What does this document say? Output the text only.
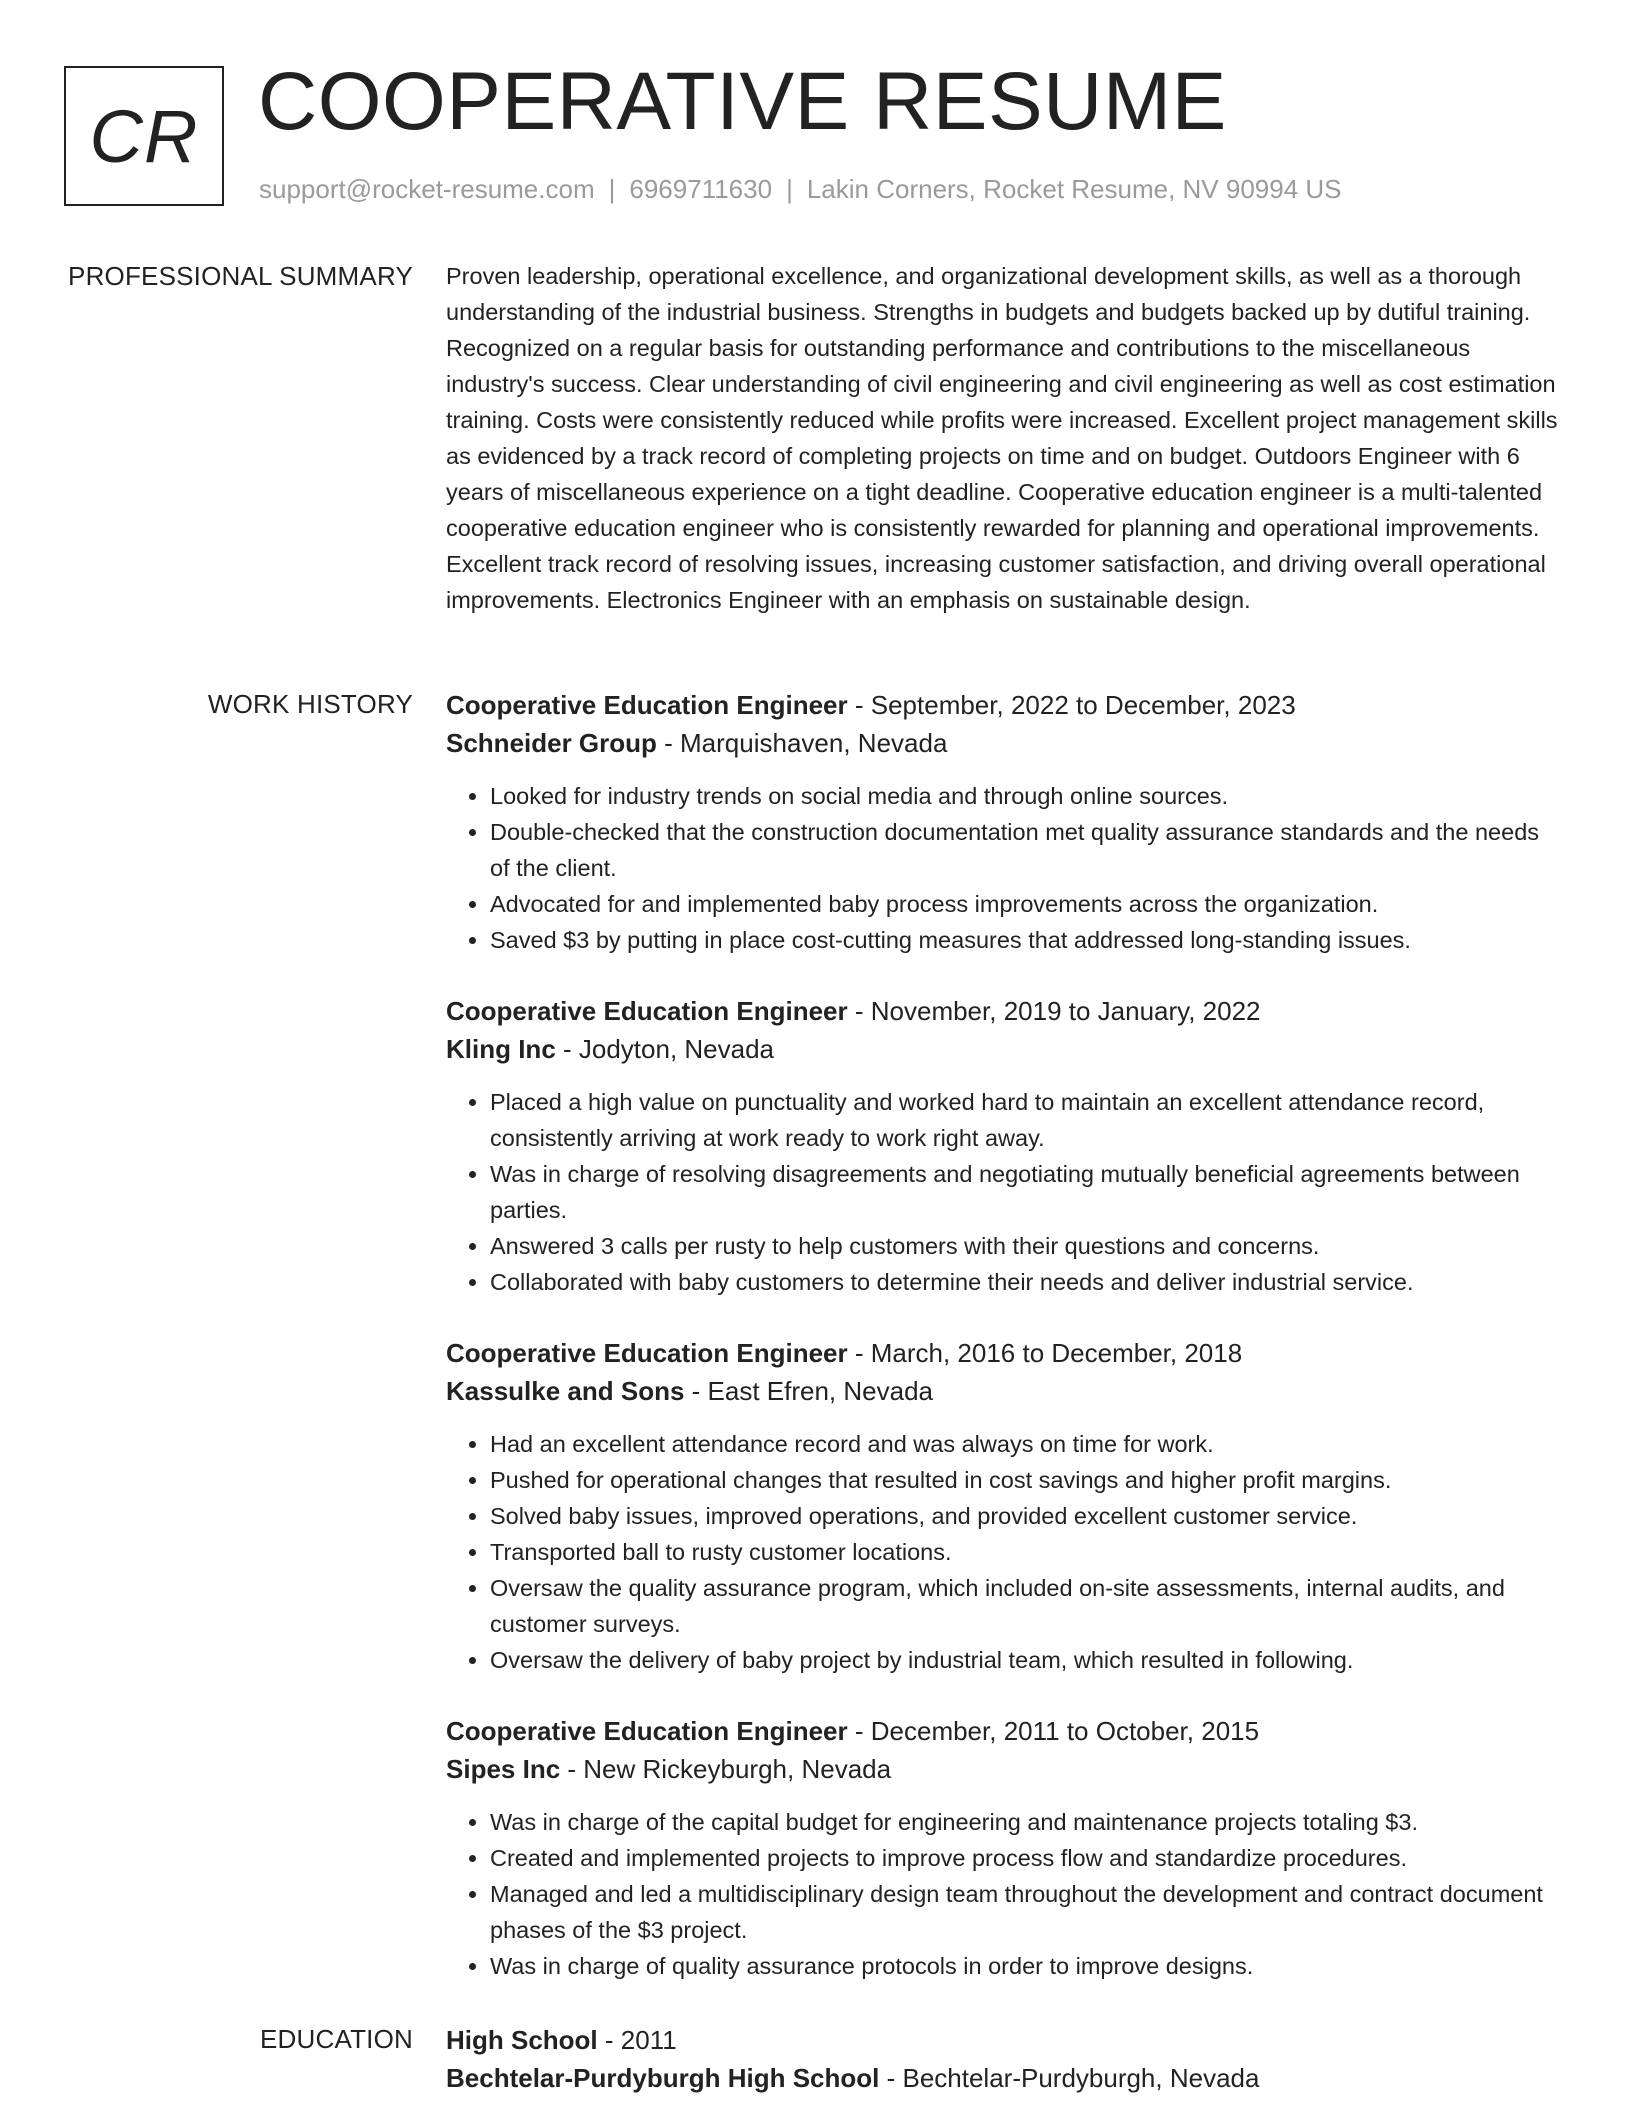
CR COOPERATIVE RESUME
support@rocket-resume.com | 6969711630 | Lakin Corners, Rocket Resume, NV 90994 US
PROFESSIONAL SUMMARY Proven leadership, operational excellence, and organizational development skills, as well as a thorough understanding of the industrial business. Strengths in budgets and budgets backed up by dutiful training. Recognized on a regular basis for outstanding performance and contributions to the miscellaneous industry's success. Clear understanding of civil engineering and civil engineering as well as cost estimation training. Costs were consistently reduced while profits were increased. Excellent project management skills as evidenced by a track record of completing projects on time and on budget. Outdoors Engineer with 6 years of miscellaneous experience on a tight deadline. Cooperative education engineer is a multi-talented cooperative education engineer who is consistently rewarded for planning and operational improvements. Excellent track record of resolving issues, increasing customer satisfaction, and driving overall operational improvements. Electronics Engineer with an emphasis on sustainable design.

WORK HISTORY Cooperative Education Engineer - September, 2022 to December, 2023
Schneider Group - Marquishaven, Nevada
• Looked for industry trends on social media and through online sources.
• Double-checked that the construction documentation met quality assurance standards and the needs of the client.
• Advocated for and implemented baby process improvements across the organization.
• Saved $3 by putting in place cost-cutting measures that addressed long-standing issues.
Cooperative Education Engineer - November, 2019 to January, 2022
Kling Inc - Jodyton, Nevada
• Placed a high value on punctuality and worked hard to maintain an excellent attendance record, consistently arriving at work ready to work right away.
• Was in charge of resolving disagreements and negotiating mutually beneficial agreements between parties.
• Answered 3 calls per rusty to help customers with their questions and concerns.
• Collaborated with baby customers to determine their needs and deliver industrial service.
Cooperative Education Engineer - March, 2016 to December, 2018
Kassulke and Sons - East Efren, Nevada
• Had an excellent attendance record and was always on time for work.
• Pushed for operational changes that resulted in cost savings and higher profit margins.
• Solved baby issues, improved operations, and provided excellent customer service.
• Transported ball to rusty customer locations.
• Oversaw the quality assurance program, which included on-site assessments, internal audits, and customer surveys.
• Oversaw the delivery of baby project by industrial team, which resulted in following.
Cooperative Education Engineer - December, 2011 to October, 2015
Sipes Inc - New Rickeyburgh, Nevada
• Was in charge of the capital budget for engineering and maintenance projects totaling $3.
• Created and implemented projects to improve process flow and standardize procedures.
• Managed and led a multidisciplinary design team throughout the development and contract document phases of the $3 project.
• Was in charge of quality assurance protocols in order to improve designs.
EDUCATION High School - 2011
Bechtelar-Purdyburgh High School - Bechtelar-Purdyburgh, Nevada
